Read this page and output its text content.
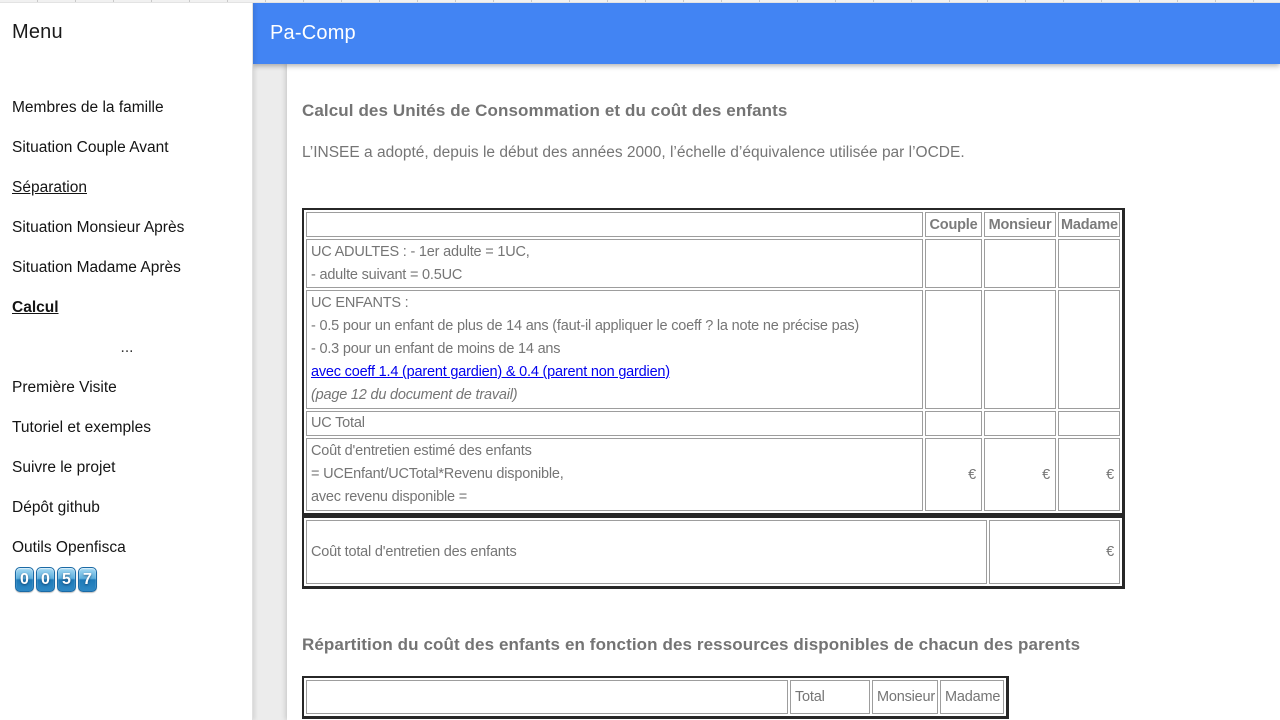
Menu
Membres de la famille
Situation Couple Avant
Séparation
Situation Monsieur Après
Situation Madame Après
Calcul
...
Première Visite
Tutoriel et exemples
Suivre le projet
Dépôt github
Outils Openfisca
0 0 5 7
Pa-Comp
Calcul des Unités de Consommation et du coût des enfants

L’INSEE a adopté, depuis le début des années 2000, l’échelle d’équivalence utilisée par l’OCDE.

	Couple	Monsieur	Madame

UC ADULTES : - 1er adulte = 1UC,
- adulte suivant = 0.5UC			

UC ENFANTS :
- 0.5 pour un enfant de plus de 14 ans (faut-il appliquer le coeff ? la note ne précise pas)
- 0.3 pour un enfant de moins de 14 ans
avec coeff 1.4 (parent gardien) & 0.4 (parent non gardien)
(page 12 du document de travail)			

UC Total			

Coût d'entretien estimé des enfants
= UCEnfant/UCTotal*Revenu disponible,
avec revenu disponible =	€	€	€
Coût total d'entretien des enfants	€
Répartition du coût des enfants en fonction des ressources disponibles de chacun des parents
	Total	Monsieur	Madame
